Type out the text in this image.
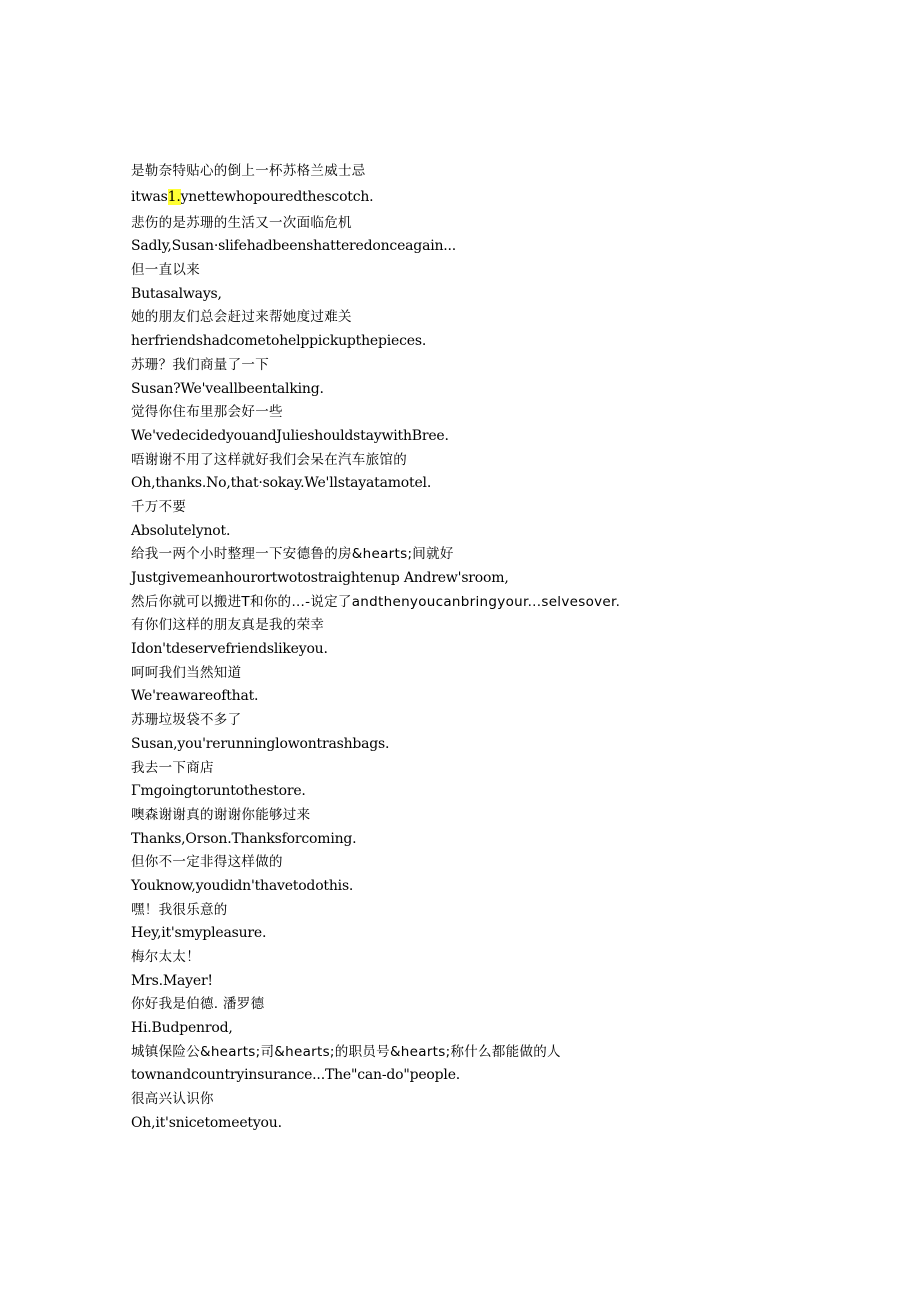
是勒奈特贴心的倒上一杯苏格兰威士忌
itwas1.ynettewhopouredthescotch.
悲伤的是苏珊的生活又一次面临危机
Sadly,Susan·slifehadbeenshatteredonceagain...
但一直以来
Butasalways,
她的朋友们总会赶过来帮她度过难关
herfriendshadcometohelppickupthepieces.
苏珊？我们商量了一下
Susan?We'veallbeentalking.
觉得你住布里那会好一些
We'vedecidedyouandJulieshouldstaywithBree.
唔谢谢不用了这样就好我们会呆在汽车旅馆的
Oh,thanks.No,that·sokay.We'llstayatamotel.
千万不要
Absolutelynot.
给我一两个小时整理一下安德鲁的房&hearts;间就好
Justgivemeanhourortwotostraightenup Andrew'sroom,
然后你就可以搬进T和你的…-说定了andthenyoucanbringyour...selvesover.
有你们这样的朋友真是我的荣幸
Idon'tdeservefriendslikeyou.
呵呵我们当然知道
We'reawareofthat.
苏珊垃圾袋不多了
Susan,you'rerunninglowontrashbags.
我去一下商店
Γmgoingtoruntothestore.
噢森谢谢真的谢谢你能够过来
Thanks,Orson.Thanksforcoming.
但你不一定非得这样做的
Youknow,youdidn'thavetodothis.
嘿！我很乐意的
Hey,it'smypleasure.
梅尔太太！
Mrs.Mayer!
你好我是伯德. 潘罗德
Hi.Budpenrod,
城镇保险公&hearts;司&hearts;的职员号&hearts;称什么都能做的人
townandcountryinsurance...The"can-do"people.
很高兴认识你
Oh,it'snicetomeetyou.
